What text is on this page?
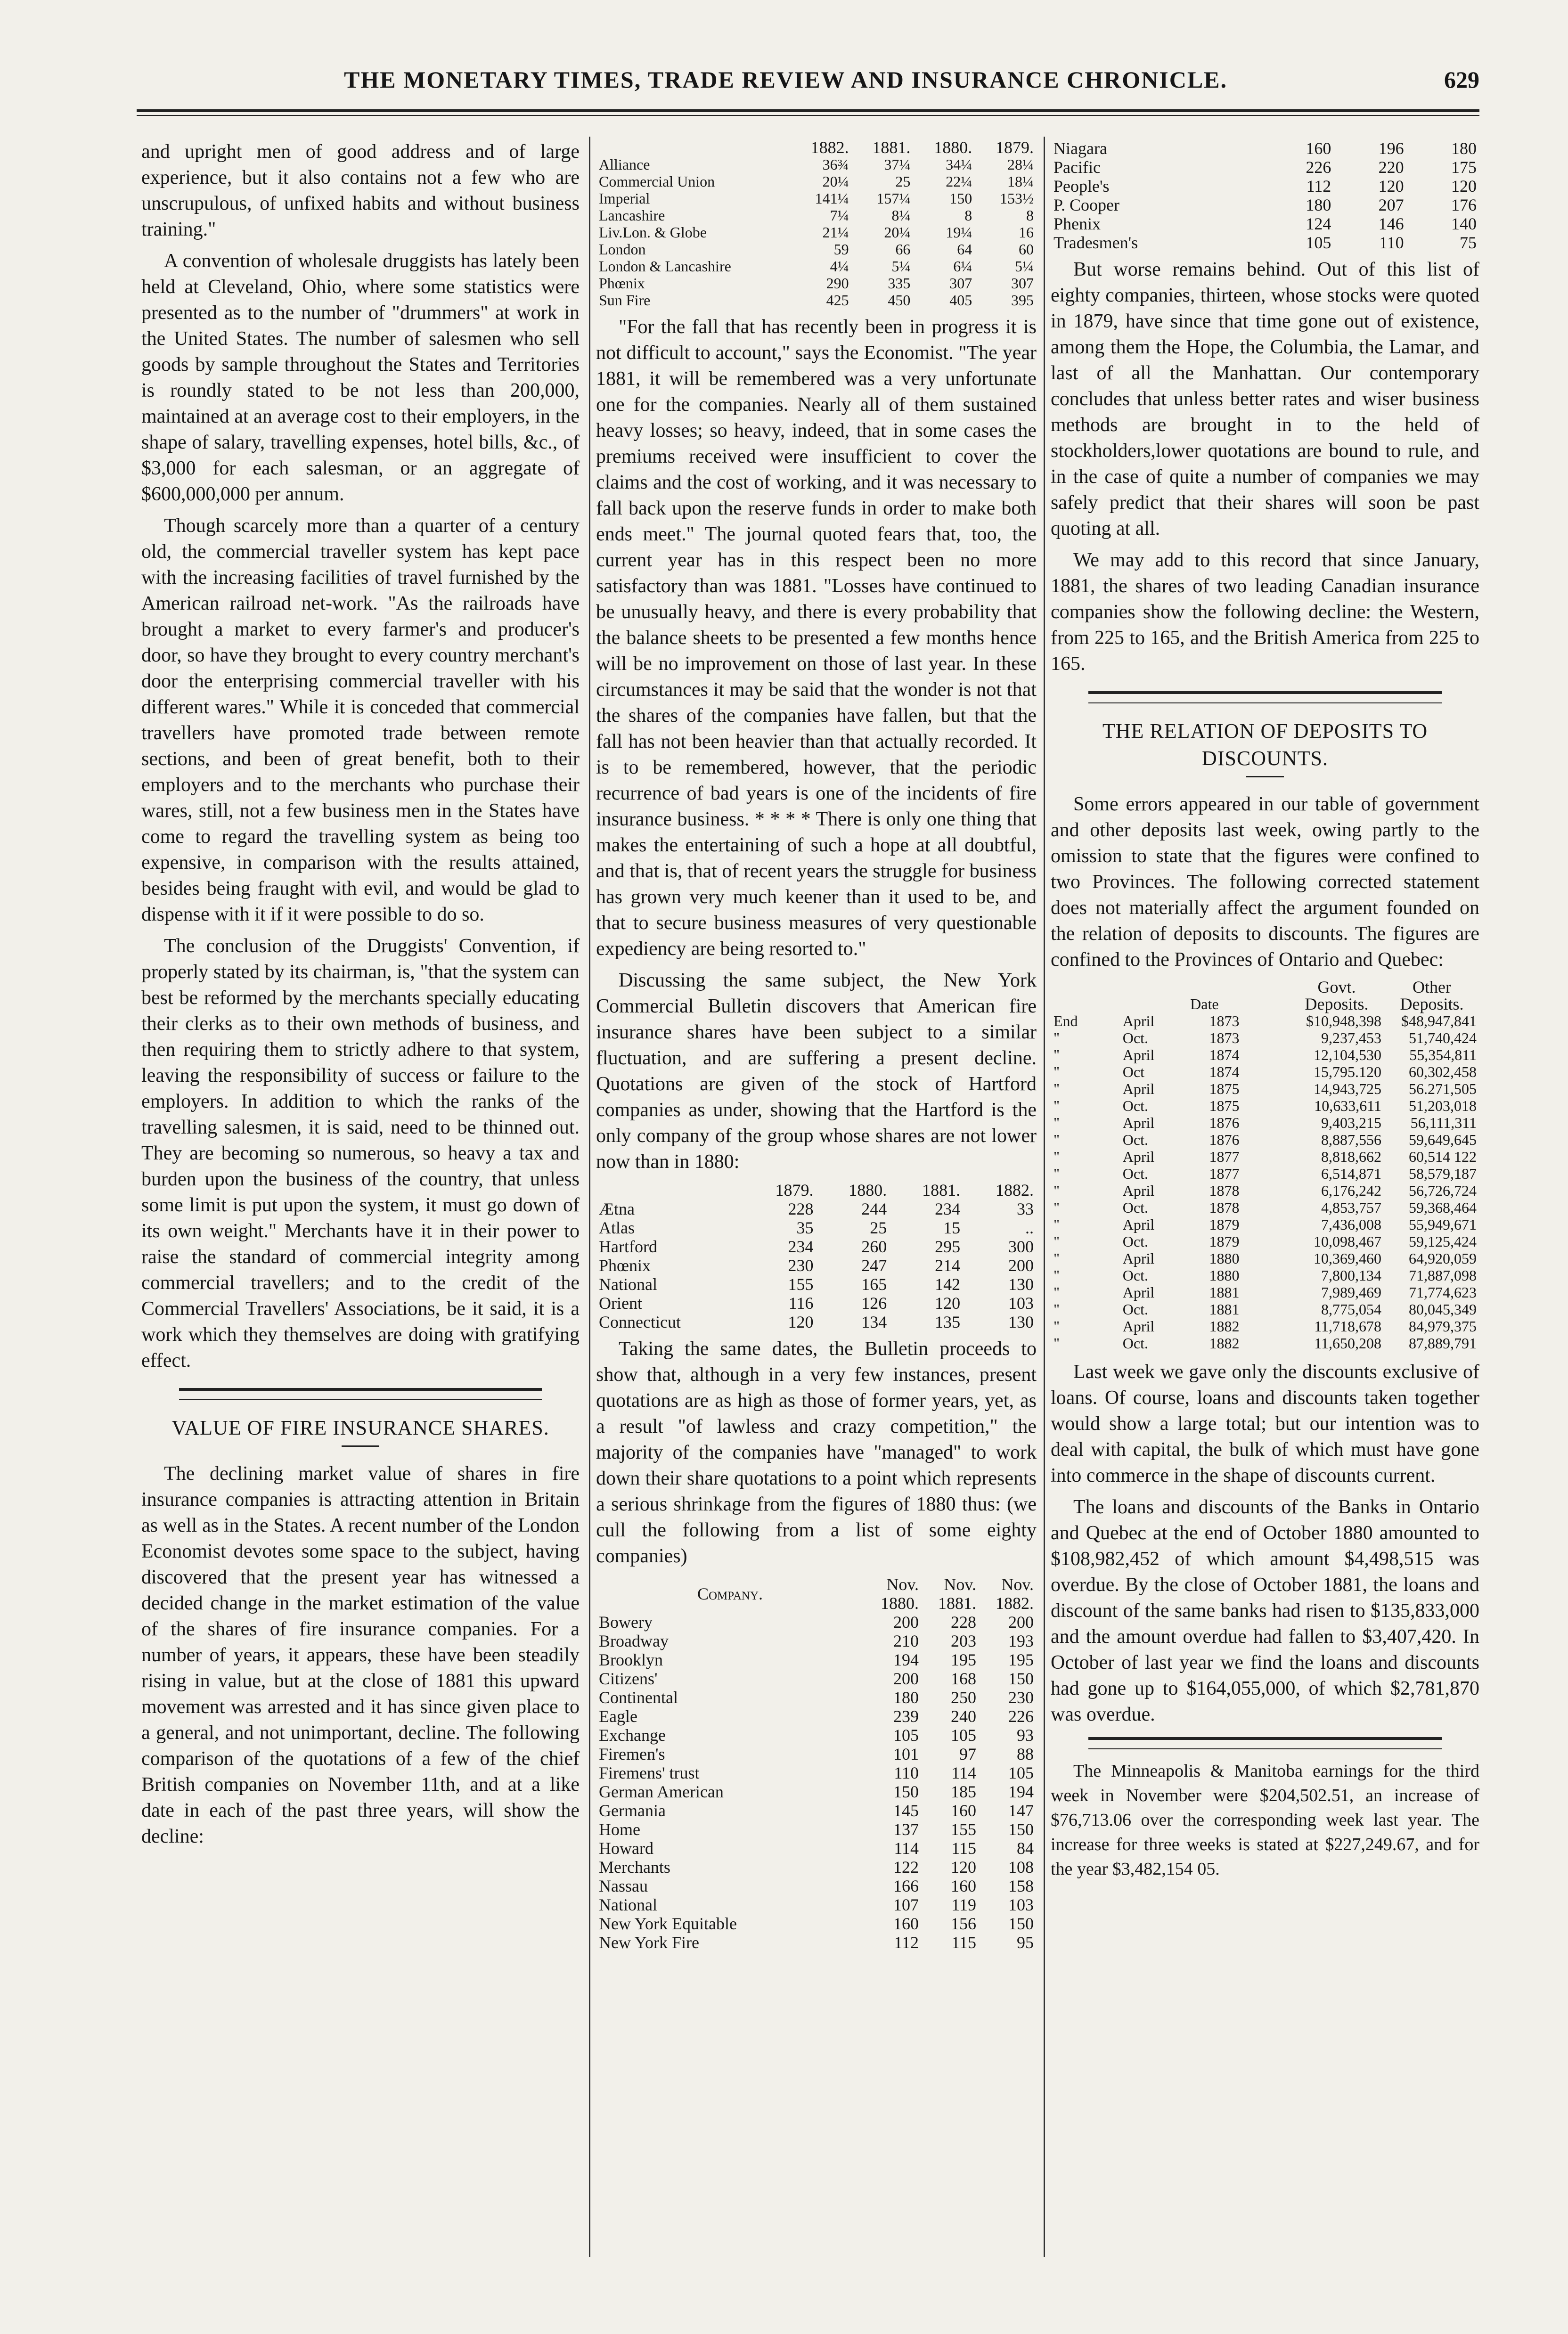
THE MONETARY TIMES, TRADE REVIEW AND INSURANCE CHRONICLE.	629

and upright men of good address and of large experience, but it also contains not a few who are unscrupulous, of unfixed habits and without business training."

A convention of wholesale druggists has lately been held at Cleveland, Ohio, where some statistics were presented as to the number of "drummers" at work in the United States. The number of salesmen who sell goods by sample throughout the States and Territories is roundly stated to be not less than 200,000, maintained at an average cost to their employers, in the shape of salary, travelling expenses, hotel bills, &c., of $3,000 for each salesman, or an aggregate of $600,000,000 per annum.

Though scarcely more than a quarter of a century old, the commercial traveller system has kept pace with the increasing facilities of travel furnished by the American railroad net-work. "As the railroads have brought a market to every farmer's and producer's door, so have they brought to every country merchant's door the enterprising commercial traveller with his different wares." While it is conceded that commercial travellers have promoted trade between remote sections, and been of great benefit, both to their employers and to the merchants who purchase their wares, still, not a few business men in the States have come to regard the travelling system as being too expensive, in comparison with the results attained, besides being fraught with evil, and would be glad to dispense with it if it were possible to do so.

The conclusion of the Druggists' Convention, if properly stated by its chairman, is, "that the system can best be reformed by the merchants specially educating their clerks as to their own methods of business, and then requiring them to strictly adhere to that system, leaving the responsibility of success or failure to the employers. In addition to which the ranks of the travelling salesmen, it is said, need to be thinned out. They are becoming so numerous, so heavy a tax and burden upon the business of the country, that unless some limit is put upon the system, it must go down of its own weight." Merchants have it in their power to raise the standard of commercial integrity among commercial travellers; and to the credit of the Commercial Travellers' Associations, be it said, it is a work which they themselves are doing with gratifying effect.

VALUE OF FIRE INSURANCE SHARES.

The declining market value of shares in fire insurance companies is attracting attention in Britain as well as in the States. A recent number of the London Economist devotes some space to the subject, having discovered that the present year has witnessed a decided change in the market estimation of the value of the shares of fire insurance companies. For a number of years, it appears, these have been steadily rising in value, but at the close of 1881 this upward movement was arrested and it has since given place to a general, and not unimportant, decline. The following comparison of the quotations of a few of the chief British companies on November 11th, and at a like date in each of the past three years, will show the decline:

	1882.	1881.	1880.	1879.
Alliance	36¾	37¼	34¼	28¼
Commercial Union	20¼	25	22¼	18¼
Imperial	141¼	157¼	150	153½
Lancashire	7¼	8¼	8	8
Liv.Lon. & Globe	21¼	20¼	19¼	16
London	59	66	64	60
London & Lancashire	4¼	5¼	6¼	5¼
Phœnix	290	335	307	307
Sun Fire	425	450	405	395

"For the fall that has recently been in progress it is not difficult to account," says the Economist. "The year 1881, it will be remembered was a very unfortunate one for the companies. Nearly all of them sustained heavy losses; so heavy, indeed, that in some cases the premiums received were insufficient to cover the claims and the cost of working, and it was necessary to fall back upon the reserve funds in order to make both ends meet." The journal quoted fears that, too, the current year has in this respect been no more satisfactory than was 1881. "Losses have continued to be unusually heavy, and there is every probability that the balance sheets to be presented a few months hence will be no improvement on those of last year. In these circumstances it may be said that the wonder is not that the shares of the companies have fallen, but that the fall has not been heavier than that actually recorded. It is to be remembered, however, that the periodic recurrence of bad years is one of the incidents of fire insurance business. * * * * There is only one thing that makes the entertaining of such a hope at all doubtful, and that is, that of recent years the struggle for business has grown very much keener than it used to be, and that to secure business measures of very questionable expediency are being resorted to."

Discussing the same subject, the New York Commercial Bulletin discovers that American fire insurance shares have been subject to a similar fluctuation, and are suffering a present decline. Quotations are given of the stock of Hartford companies as under, showing that the Hartford is the only company of the group whose shares are not lower now than in 1880:

	1879.	1880.	1881.	1882.
Ætna	228	244	234	33
Atlas	35	25	15	..
Hartford	234	260	295	300
Phœnix	230	247	214	200
National	155	165	142	130
Orient	116	126	120	103
Connecticut	120	134	135	130

Taking the same dates, the Bulletin proceeds to show that, although in a very few instances, present quotations are as high as those of former years, yet, as a result "of lawless and crazy competition," the majority of the companies have "managed" to work down their share quotations to a point which represents a serious shrinkage from the figures of 1880 thus: (we cull the following from a list of some eighty companies)

Company.	Nov. 1880.	Nov. 1881.	Nov. 1882.
Bowery	200	228	200
Broadway	210	203	193
Brooklyn	194	195	195
Citizens'	200	168	150
Continental	180	250	230
Eagle	239	240	226
Exchange	105	105	93
Firemen's	101	97	88
Firemens' trust	110	114	105
German American	150	185	194
Germania	145	160	147
Home	137	155	150
Howard	114	115	84
Merchants	122	120	108
Nassau	166	160	158
National	107	119	103
New York Equitable	160	156	150
New York Fire	112	115	95
Niagara	160	196	180
Pacific	226	220	175
People's	112	120	120
P. Cooper	180	207	176
Phenix	124	146	140
Tradesmen's	105	110	75

But worse remains behind. Out of this list of eighty companies, thirteen, whose stocks were quoted in 1879, have since that time gone out of existence, among them the Hope, the Columbia, the Lamar, and last of all the Manhattan. Our contemporary concludes that unless better rates and wiser business methods are brought in to the held of stockholders,lower quotations are bound to rule, and in the case of quite a number of companies we may safely predict that their shares will soon be past quoting at all.

We may add to this record that since January, 1881, the shares of two leading Canadian insurance companies show the following decline: the Western, from 225 to 165, and the British America from 225 to 165.

THE RELATION OF DEPOSITS TO DISCOUNTS.

Some errors appeared in our table of government and other deposits last week, owing partly to the omission to state that the figures were confined to two Provinces. The following corrected statement does not materially affect the argument founded on the relation of deposits to discounts. The figures are confined to the Provinces of Ontario and Quebec:

	Date		Govt. Deposits.	Other Deposits.
End	April	1873	$10,948,398	$48,947,841
"	Oct.	1873	9,237,453	51,740,424
"	April	1874	12,104,530	55,354,811
"	Oct	1874	15,795.120	60,302,458
"	April	1875	14,943,725	56.271,505
"	Oct.	1875	10,633,611	51,203,018
"	April	1876	9,403,215	56,111,311
"	Oct.	1876	8,887,556	59,649,645
"	April	1877	8,818,662	60,514 122
"	Oct.	1877	6,514,871	58,579,187
"	April	1878	6,176,242	56,726,724
"	Oct.	1878	4,853,757	59,368,464
"	April	1879	7,436,008	55,949,671
"	Oct.	1879	10,098,467	59,125,424
"	April	1880	10,369,460	64,920,059
"	Oct.	1880	7,800,134	71,887,098
"	April	1881	7,989,469	71,774,623
"	Oct.	1881	8,775,054	80,045,349
"	April	1882	11,718,678	84,979,375
"	Oct.	1882	11,650,208	87,889,791

Last week we gave only the discounts exclusive of loans. Of course, loans and discounts taken together would show a large total; but our intention was to deal with capital, the bulk of which must have gone into commerce in the shape of discounts current.

The loans and discounts of the Banks in Ontario and Quebec at the end of October 1880 amounted to $108,982,452 of which amount $4,498,515 was overdue. By the close of October 1881, the loans and discount of the same banks had risen to $135,833,000 and the amount overdue had fallen to $3,407,420. In October of last year we find the loans and discounts had gone up to $164,055,000, of which $2,781,870 was overdue.

The Minneapolis & Manitoba earnings for the third week in November were $204,502.51, an increase of $76,713.06 over the corresponding week last year. The increase for three weeks is stated at $227,249.67, and for the year $3,482,154 05.
